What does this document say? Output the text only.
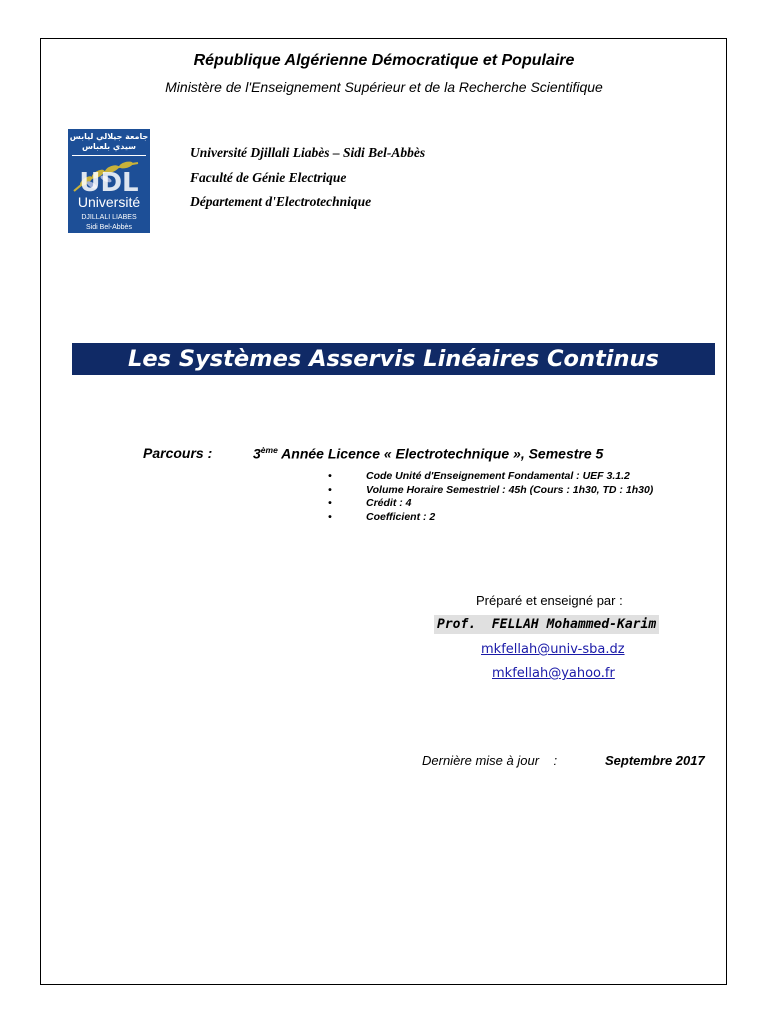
République Algérienne Démocratique et Populaire
Ministère de l'Enseignement Supérieur et de la Recherche Scientifique
جامعة جيلالي ليابس
سيدي بلعباس
UDL
Université
DJILLALI LIABES
Sidi Bel-Abbès
Université Djillali Liabès – Sidi Bel-Abbès
Faculté de Génie Electrique
Département d'Electrotechnique
Les Systèmes Asservis Linéaires Continus
Parcours :	3ème Année Licence « Electrotechnique », Semestre 5
•	Code Unité d'Enseignement Fondamental : UEF 3.1.2
•	Volume Horaire Semestriel : 45h (Cours : 1h30, TD : 1h30)
•	Crédit : 4
•	Coefficient : 2
Préparé et enseigné par :
Prof.  FELLAH Mohammed-Karim
mkfellah@univ-sba.dz
mkfellah@yahoo.fr
Dernière mise à jour    :	Septembre 2017
